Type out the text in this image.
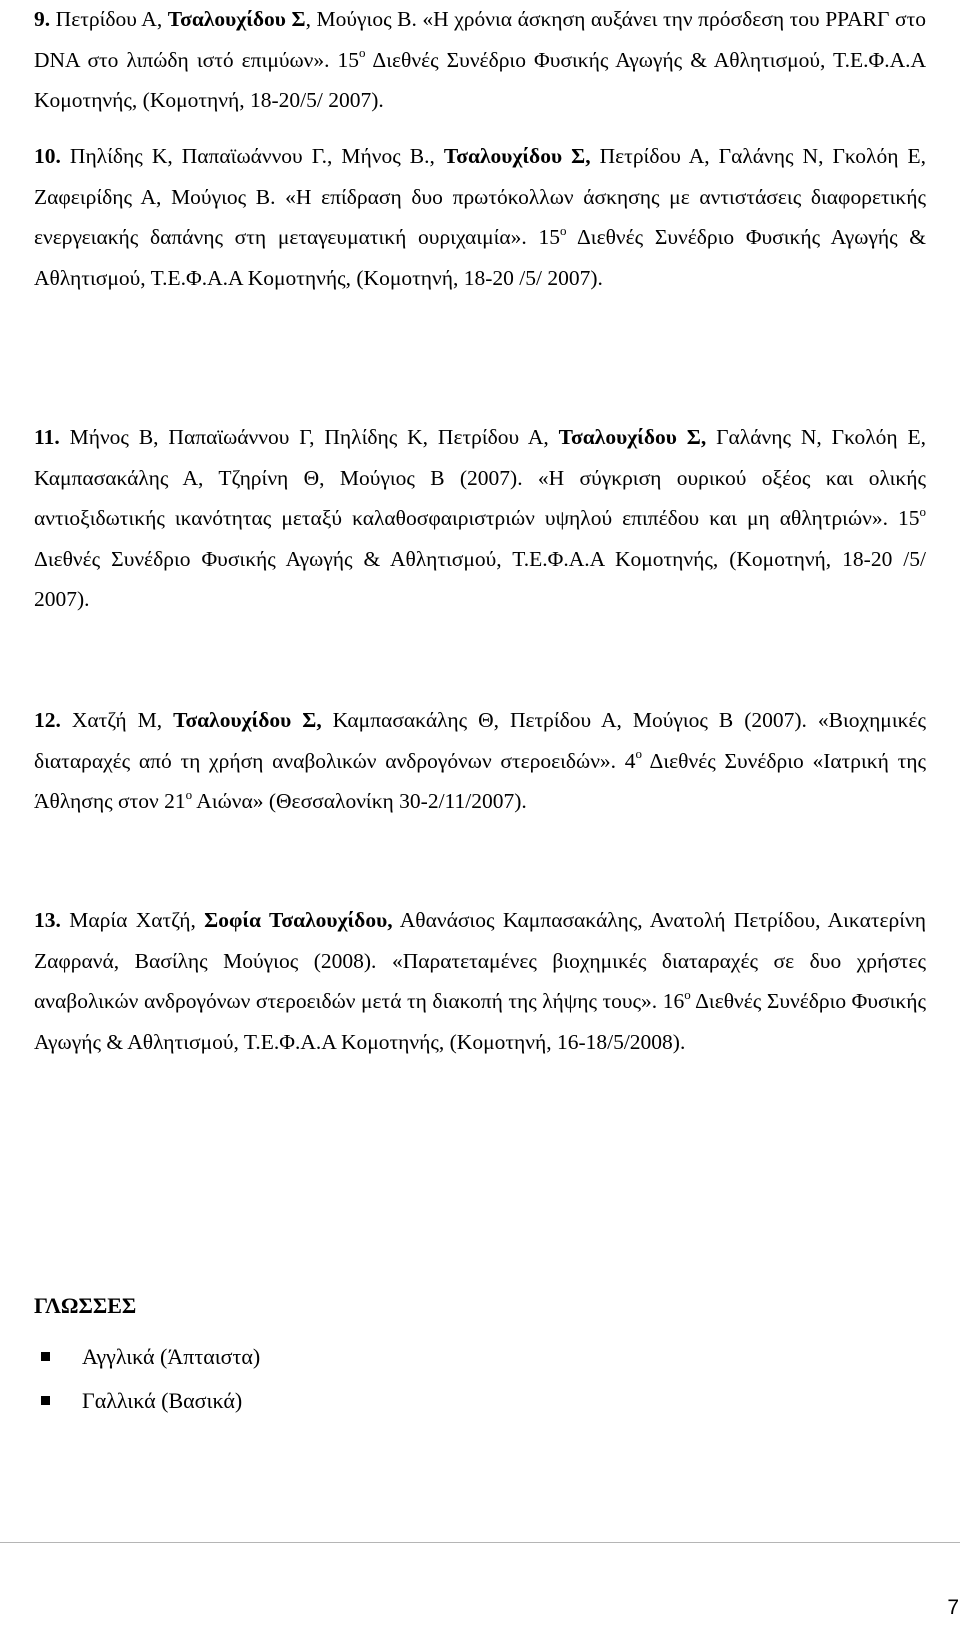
9. Πετρίδου Α, Τσαλουχίδου Σ, Μούγιος Β. «Η χρόνια άσκηση αυξάνει την πρόσδεση του PPARΓ στο DNA στο λιπώδη ιστό επιμύων». $15^o$ Διεθνές Συνέδριο Φυσικής Αγωγής & Αθλητισμού, Τ.Ε.Φ.Α.Α Κομοτηνής, (Κομοτηνή, 18-20/5/ 2007).

10. Πηλίδης Κ, Παπαϊωάννου Γ., Μήνος Β., Τσαλουχίδου Σ, Πετρίδου Α, Γαλάνης Ν, Γκολόη Ε, Ζαφειρίδης Α, Μούγιος Β. «Η επίδραση δυο πρωτόκολλων άσκησης με αντιστάσεις διαφορετικής ενεργειακής δαπάνης στη μεταγευματική ουριχαιμία». $15^o$ Διεθνές Συνέδριο Φυσικής Αγωγής & Αθλητισμού, Τ.Ε.Φ.Α.Α Κομοτηνής, (Κομοτηνή, 18-20 /5/ 2007).

11. Μήνος Β, Παπαϊωάννου Γ, Πηλίδης Κ, Πετρίδου Α, Τσαλουχίδου Σ, Γαλάνης Ν, Γκολόη Ε, Καμπασακάλης Α, Τζηρίνη Θ, Μούγιος Β (2007). «Η σύγκριση ουρικού οξέος και ολικής αντιοξιδωτικής ικανότητας μεταξύ καλαθοσφαιριστριών υψηλού επιπέδου και μη αθλητριών». $15^o$ Διεθνές Συνέδριο Φυσικής Αγωγής & Αθλητισμού, Τ.Ε.Φ.Α.Α Κομοτηνής, (Κομοτηνή, 18-20 /5/ 2007).

12. Χατζή Μ, Τσαλουχίδου Σ, Καμπασακάλης Θ, Πετρίδου Α, Μούγιος Β (2007). «Βιοχημικές διαταραχές από τη χρήση αναβολικών ανδρογόνων στεροειδών». $4^o$ Διεθνές Συνέδριο «Ιατρική της Άθλησης στον $21^o$ Αιώνα» (Θεσσαλονίκη 30-2/11/2007).

13. Μαρία Χατζή, Σοφία Τσαλουχίδου, Αθανάσιος Καμπασακάλης, Ανατολή Πετρίδου, Αικατερίνη Ζαφρανά, Βασίλης Μούγιος (2008). «Παρατεταμένες βιοχημικές διαταραχές σε δυο χρήστες αναβολικών ανδρογόνων στεροειδών μετά τη διακοπή της λήψης τους». $16^o$ Διεθνές Συνέδριο Φυσικής Αγωγής & Αθλητισμού, Τ.Ε.Φ.Α.Α Κομοτηνής, (Κομοτηνή, 16-18/5/2008).

ΓΛΩΣΣΕΣ

Αγγλικά (Άπταιστα)
Γαλλικά (Βασικά)
7
